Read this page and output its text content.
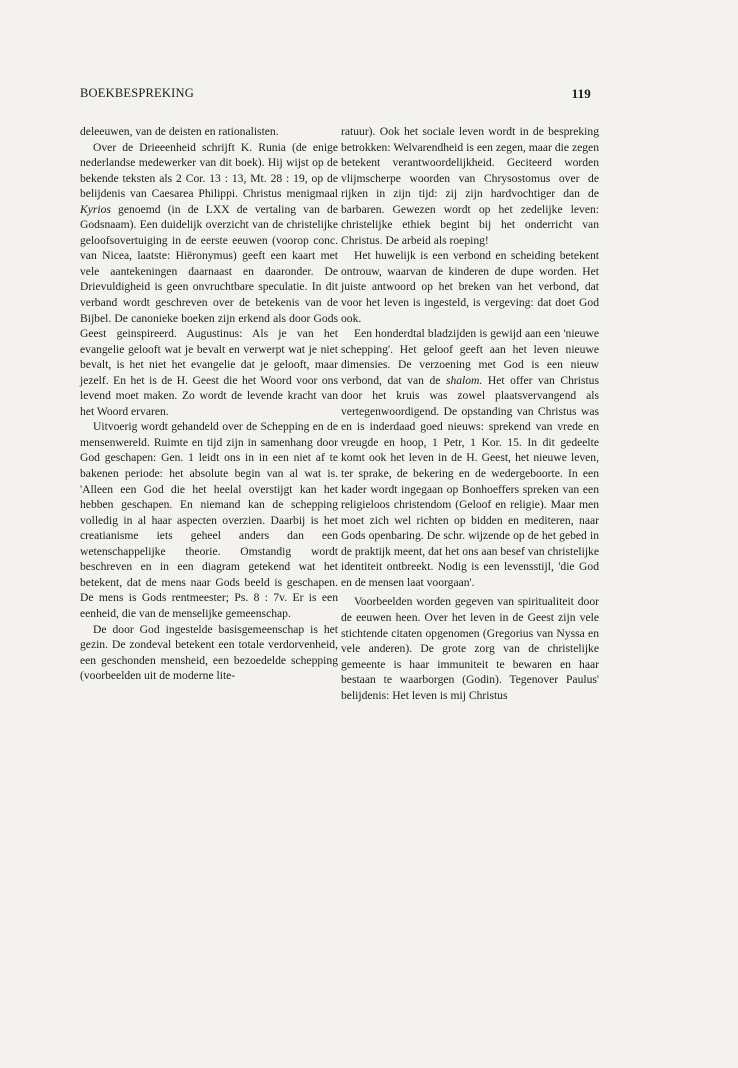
BOEKBESPREKING	119

deleeuwen, van de deisten en rationalisten.

Over de Drieeenheid schrijft K. Runia (de enige nederlandse medewerker van dit boek). Hij wijst op de bekende teksten als 2 Cor. 13 : 13, Mt. 28 : 19, op de belijdenis van Caesarea Philippi. Christus menigmaal Kyrios genoemd (in de LXX de vertaling van de Godsnaam). Een duidelijk overzicht van de christelijke geloofsovertuiging in de eerste eeuwen (voorop conc. van Nicea, laatste: Hiëronymus) geeft een kaart met vele aantekeningen daarnaast en daaronder. De Drievuldigheid is geen onvruchtbare speculatie. In dit verband wordt geschreven over de betekenis van de Bijbel. De canonieke boeken zijn erkend als door Gods Geest geinspireerd. Augustinus: Als je van het evangelie gelooft wat je bevalt en verwerpt wat je niet bevalt, is het niet het evangelie dat je gelooft, maar jezelf. En het is de H. Geest die het Woord voor ons levend moet maken. Zo wordt de levende kracht van het Woord ervaren.

Uitvoerig wordt gehandeld over de Schepping en de mensenwereld. Ruimte en tijd zijn in samenhang door God geschapen: Gen. 1 leidt ons in in een niet af te bakenen periode: het absolute begin van al wat is. 'Alleen een God die het heelal overstijgt kan het hebben geschapen. En niemand kan de schepping volledig in al haar aspecten overzien. Daarbij is het creatianisme iets geheel anders dan een wetenschappelijke theorie. Omstandig wordt beschreven en in een diagram getekend wat het betekent, dat de mens naar Gods beeld is geschapen. De mens is Gods rentmeester; Ps. 8 : 7v. Er is een eenheid, die van de menselijke gemeenschap.

De door God ingestelde basisgemeenschap is het gezin. De zondeval betekent een totale verdorvenheid, een geschonden mensheid, een bezoedelde schepping (voorbeelden uit de moderne lite-

ratuur). Ook het sociale leven wordt in de bespreking betrokken: Welvarendheid is een zegen, maar die zegen betekent verantwoordelijkheid. Geciteerd worden vlijmscherpe woorden van Chrysostomus over de rijken in zijn tijd: zij zijn hardvochtiger dan de barbaren. Gewezen wordt op het zedelijke leven: christelijke ethiek begint bij het onderricht van Christus. De arbeid als roeping!

Het huwelijk is een verbond en scheiding betekent ontrouw, waarvan de kinderen de dupe worden. Het juiste antwoord op het breken van het verbond, dat voor het leven is ingesteld, is vergeving: dat doet God ook.

Een honderdtal bladzijden is gewijd aan een 'nieuwe schepping'. Het geloof geeft aan het leven nieuwe dimensies. De verzoening met God is een nieuw verbond, dat van de shalom. Het offer van Christus door het kruis was zowel plaatsvervangend als vertegenwoordigend. De opstanding van Christus was en is inderdaad goed nieuws: sprekend van vrede en vreugde en hoop, 1 Petr, 1 Kor. 15. In dit gedeelte komt ook het leven in de H. Geest, het nieuwe leven, ter sprake, de bekering en de wedergeboorte. In een kader wordt ingegaan op Bonhoeffers spreken van een religieloos christendom (Geloof en religie). Maar men moet zich wel richten op bidden en mediteren, naar Gods openbaring. De schr. wijzende op de het gebed in de praktijk meent, dat het ons aan besef van christelijke identiteit ontbreekt. Nodig is een levensstijl, 'die God en de mensen laat voorgaan'.

Voorbeelden worden gegeven van spiritualiteit door de eeuwen heen. Over het leven in de Geest zijn vele stichtende citaten opgenomen (Gregorius van Nyssa en vele anderen). De grote zorg van de christelijke gemeente is haar immuniteit te bewaren en haar bestaan te waarborgen (Godin). Tegenover Paulus' belijdenis: Het leven is mij Christus
